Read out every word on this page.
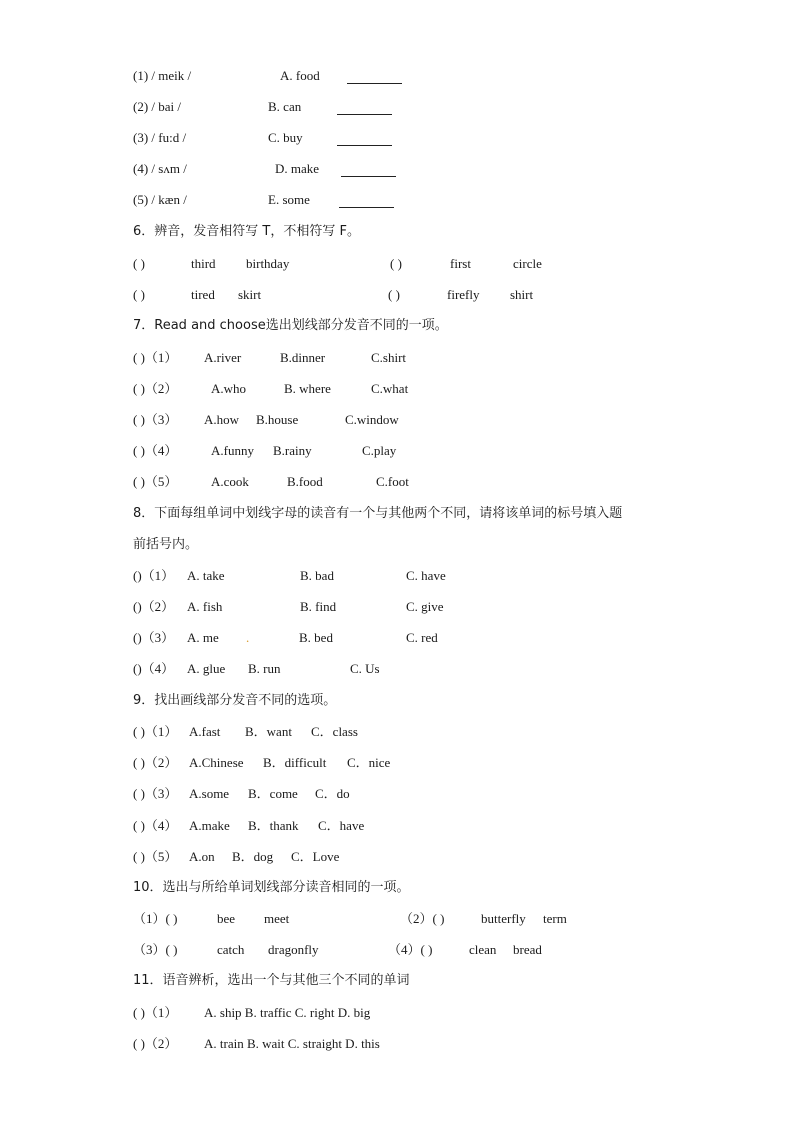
(1) / meik /	A. food
(2) / bai /	B. can
(3) / fu:d /	C. buy
(4) / sʌm /	D. make
(5) / kæn /	E. some
6．辨音，发音相符写 T，不相符写 F。
( )	third birthday	( )	first	circle
( )	tired skirt	( )	firefly shirt
7．Read and choose选出划线部分发音不同的一项。
( )（1） A.river	B.dinner	C.shirt
( )（2）	A.who	B. where	C.what
( )（3） A.how B.house	C.window
( )（4）	A.funny B.rainy	C.play
( )（5）	A.cook	B.food	C.foot
8．下面每组单词中划线字母的读音有一个与其他两个不同，请将该单词的标号填入题
前括号内。
()（1） A. take	B. bad	C. have
()（2） A. fish	B. find	C. give
()（3） A. me .	B. bed	C. red
()（4） A. glue B. run	C. Us
9．找出画线部分发音不同的选项。
( )（1） A.fast B．want C．class
( )（2） A.Chinese B．difficult C．nice
( )（3） A.some B．come C．do
( )（4） A.make B．thank C．have
( )（5） A.on B．dog C．Love
10．选出与所给单词划线部分读音相同的一项。
（1）( )	bee meet	（2）( )	butterfly term
（3）( )	catch dragonfly	（4）( )	clean bread
11．语音辨析，选出一个与其他三个不同的单词
( )（1） A. ship B. traffic C. right D. big
( )（2） A. train B. wait C. straight D. this
